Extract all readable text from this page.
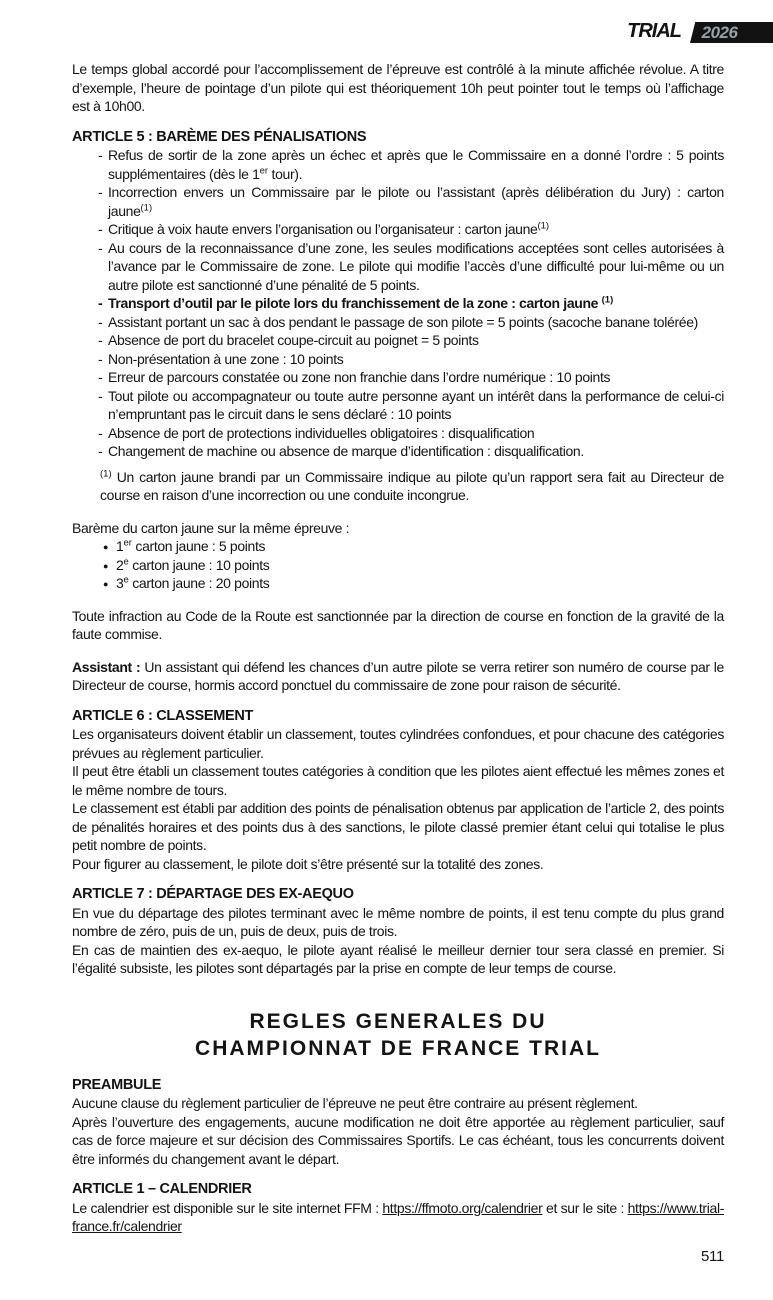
TRIAL	2026

Le temps global accordé pour l’accomplissement de l’épreuve est contrôlé à la minute affichée révolue. A titre d’exemple, l’heure de pointage d’un pilote qui est théoriquement 10h peut pointer tout le temps où l’affichage est à 10h00.

ARTICLE 5 : BARÈME DES PÉNALISATIONS
- Refus de sortir de la zone après un échec et après que le Commissaire en a donné l’ordre : 5 points supplémentaires (dès le 1er tour).
- Incorrection envers un Commissaire par le pilote ou l’assistant (après délibération du Jury) : carton jaune$^{(1)}$
- Critique à voix haute envers l’organisation ou l’organisateur : carton jaune$^{(1)}$
- Au cours de la reconnaissance d’une zone, les seules modifications acceptées sont celles autorisées à l’avance par le Commissaire de zone. Le pilote qui modifie l’accès d’une difficulté pour lui-même ou un autre pilote est sanctionné d’une pénalité de 5 points.
- Transport d’outil par le pilote lors du franchissement de la zone : carton jaune $^{(1)}$
- Assistant portant un sac à dos pendant le passage de son pilote = 5 points (sacoche banane tolérée)
- Absence de port du bracelet coupe-circuit au poignet = 5 points
- Non-présentation à une zone : 10 points
- Erreur de parcours constatée ou zone non franchie dans l’ordre numérique : 10 points
- Tout pilote ou accompagnateur ou toute autre personne ayant un intérêt dans la performance de celui-ci n’empruntant pas le circuit dans le sens déclaré : 10 points
- Absence de port de protections individuelles obligatoires : disqualification
- Changement de machine ou absence de marque d’identification : disqualification.

$^{(1)}$ Un carton jaune brandi par un Commissaire indique au pilote qu’un rapport sera fait au Directeur de course en raison d’une incorrection ou une conduite incongrue.

Barème du carton jaune sur la même épreuve :

● 1er carton jaune : 5 points
● 2e carton jaune : 10 points
● 3e carton jaune : 20 points

Toute infraction au Code de la Route est sanctionnée par la direction de course en fonction de la gravité de la faute commise.

Assistant : Un assistant qui défend les chances d’un autre pilote se verra retirer son numéro de course par le Directeur de course, hormis accord ponctuel du commissaire de zone pour raison de sécurité.

ARTICLE 6 : CLASSEMENT

Les organisateurs doivent établir un classement, toutes cylindrées confondues, et pour chacune des catégories prévues au règlement particulier.

Il peut être établi un classement toutes catégories à condition que les pilotes aient effectué les mêmes zones et le même nombre de tours.

Le classement est établi par addition des points de pénalisation obtenus par application de l’article 2, des points de pénalités horaires et des points dus à des sanctions, le pilote classé premier étant celui qui totalise le plus petit nombre de points.

Pour figurer au classement, le pilote doit s’être présenté sur la totalité des zones.

ARTICLE 7 : DÉPARTAGE DES EX-AEQUO

En vue du départage des pilotes terminant avec le même nombre de points, il est tenu compte du plus grand nombre de zéro, puis de un, puis de deux, puis de trois.

En cas de maintien des ex-aequo, le pilote ayant réalisé le meilleur dernier tour sera classé en premier. Si l’égalité subsiste, les pilotes sont départagés par la prise en compte de leur temps de course.

REGLES GENERALES DU
CHAMPIONNAT DE FRANCE TRIAL
PREAMBULE

Aucune clause du règlement particulier de l’épreuve ne peut être contraire au présent règlement.

Après l’ouverture des engagements, aucune modification ne doit être apportée au règlement particulier, sauf cas de force majeure et sur décision des Commissaires Sportifs. Le cas échéant, tous les concurrents doivent être informés du changement avant le départ.

ARTICLE 1 – CALENDRIER

Le calendrier est disponible sur le site internet FFM : https://ffmoto.org/calendrier et sur le site : https://www.trial-france.fr/calendrier

511
